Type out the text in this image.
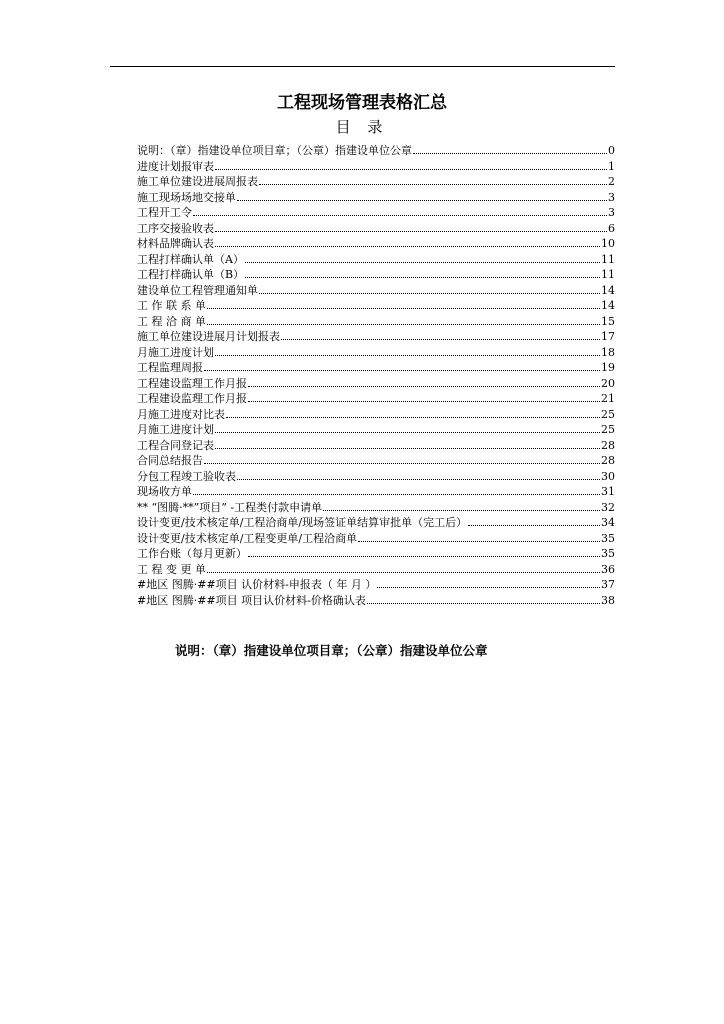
工程现场管理表格汇总
目 录
说明：（章）指建设单位项目章；（公章）指建设单位公章	0
进度计划报审表	1
施工单位建设进展周报表	2
施工现场场地交接单	3
工程开工令	3
工序交接验收表	6
材料品牌确认表	10
工程打样确认单（A）	11
工程打样确认单（B）	11
建设单位工程管理通知单	14
工 作 联 系 单	14
工 程 洽 商 单	15
施工单位建设进展月计划报表	17
月施工进度计划	18
工程监理周报	19
工程建设监理工作月报	20
工程建设监理工作月报	21
月施工进度对比表	25
月施工进度计划	25
工程合同登记表	28
合同总结报告	28
分包工程竣工验收表	30
现场收方单	31
** “图腾·**”项目” -工程类付款申请单	32
设计变更/技术核定单/工程洽商单/现场签证单结算审批单（完工后）	34
设计变更/技术核定单/工程变更单/工程洽商单	35
工作台账（每月更新）	35
工 程 变 更 单	36
#地区 图腾·##项目 认价材料-申报表（ 年 月 ）	37
#地区 图腾·##项目 项目认价材料-价格确认表	38
说明：（章）指建设单位项目章；（公章）指建设单位公章
